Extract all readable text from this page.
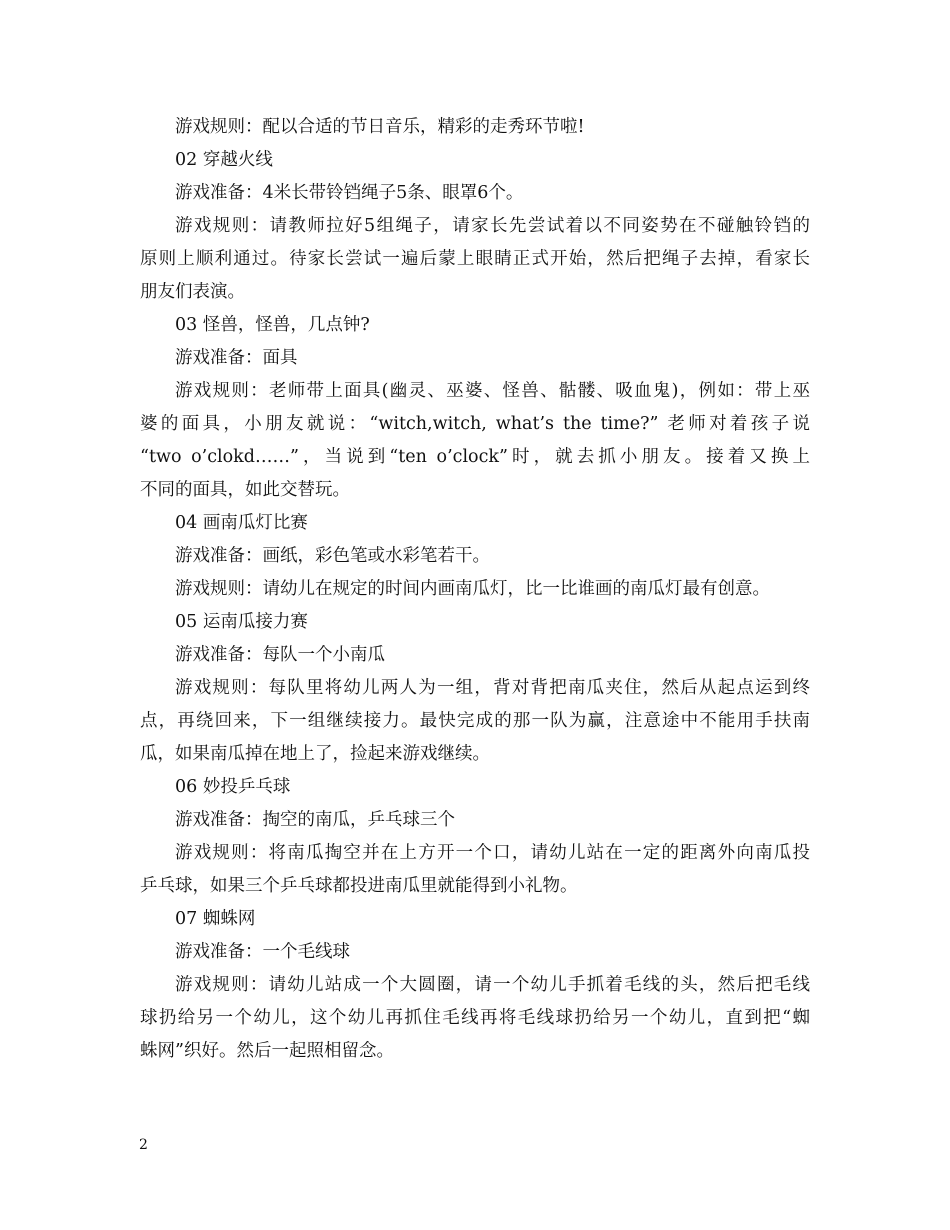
游戏规则：配以合适的节日音乐，精彩的走秀环节啦!
02 穿越火线
游戏准备：4米长带铃铛绳子5条、眼罩6个。
游戏规则：请教师拉好5组绳子，请家长先尝试着以不同姿势在不碰触铃铛的
原则上顺利通过。待家长尝试一遍后蒙上眼睛正式开始，然后把绳子去掉，看家长
朋友们表演。
03 怪兽，怪兽，几点钟?
游戏准备：面具
游戏规则：老师带上面具(幽灵、巫婆、怪兽、骷髅、吸血鬼)，例如：带上巫
婆的面具，小朋友就说：“witch,witch, what’s the time?” 老师对着孩子说
“two o’clokd……”，当说到“ten o’clock”时，就去抓小朋友。接着又换上
不同的面具，如此交替玩。
04 画南瓜灯比赛
游戏准备：画纸，彩色笔或水彩笔若干。
游戏规则：请幼儿在规定的时间内画南瓜灯，比一比谁画的南瓜灯最有创意。
05 运南瓜接力赛
游戏准备：每队一个小南瓜
游戏规则：每队里将幼儿两人为一组，背对背把南瓜夹住，然后从起点运到终
点，再绕回来，下一组继续接力。最快完成的那一队为赢，注意途中不能用手扶南
瓜，如果南瓜掉在地上了，捡起来游戏继续。
06 妙投乒乓球
游戏准备：掏空的南瓜，乒乓球三个
游戏规则：将南瓜掏空并在上方开一个口，请幼儿站在一定的距离外向南瓜投
乒乓球，如果三个乒乓球都投进南瓜里就能得到小礼物。
07 蜘蛛网
游戏准备：一个毛线球
游戏规则：请幼儿站成一个大圆圈，请一个幼儿手抓着毛线的头，然后把毛线
球扔给另一个幼儿，这个幼儿再抓住毛线再将毛线球扔给另一个幼儿，直到把“蜘
蛛网”织好。然后一起照相留念。
2
